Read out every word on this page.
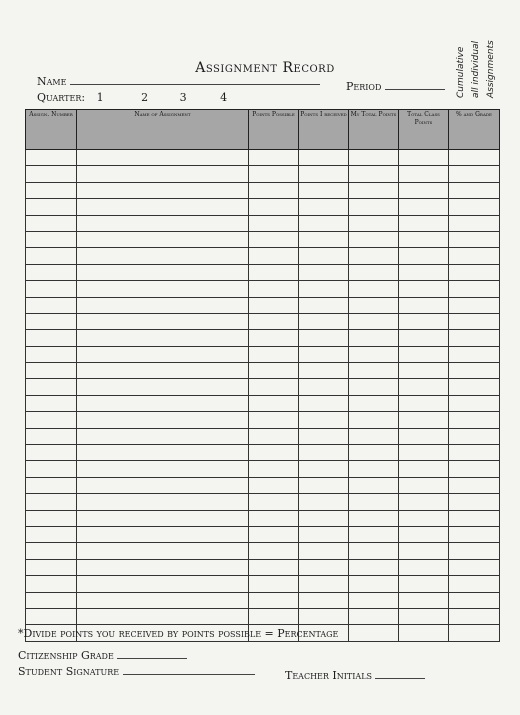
Cumulative all individual Assignments
Assignment Record
Name	Period
Quarter: 1	2	3	4
Assign. Number	Name of Assignment	Points Possible	Points I received	My Total Points	Total Class Points	% and Grade

*Divide points you received by points possible = Percentage
Citizenship Grade
Student Signature	Teacher Initials
